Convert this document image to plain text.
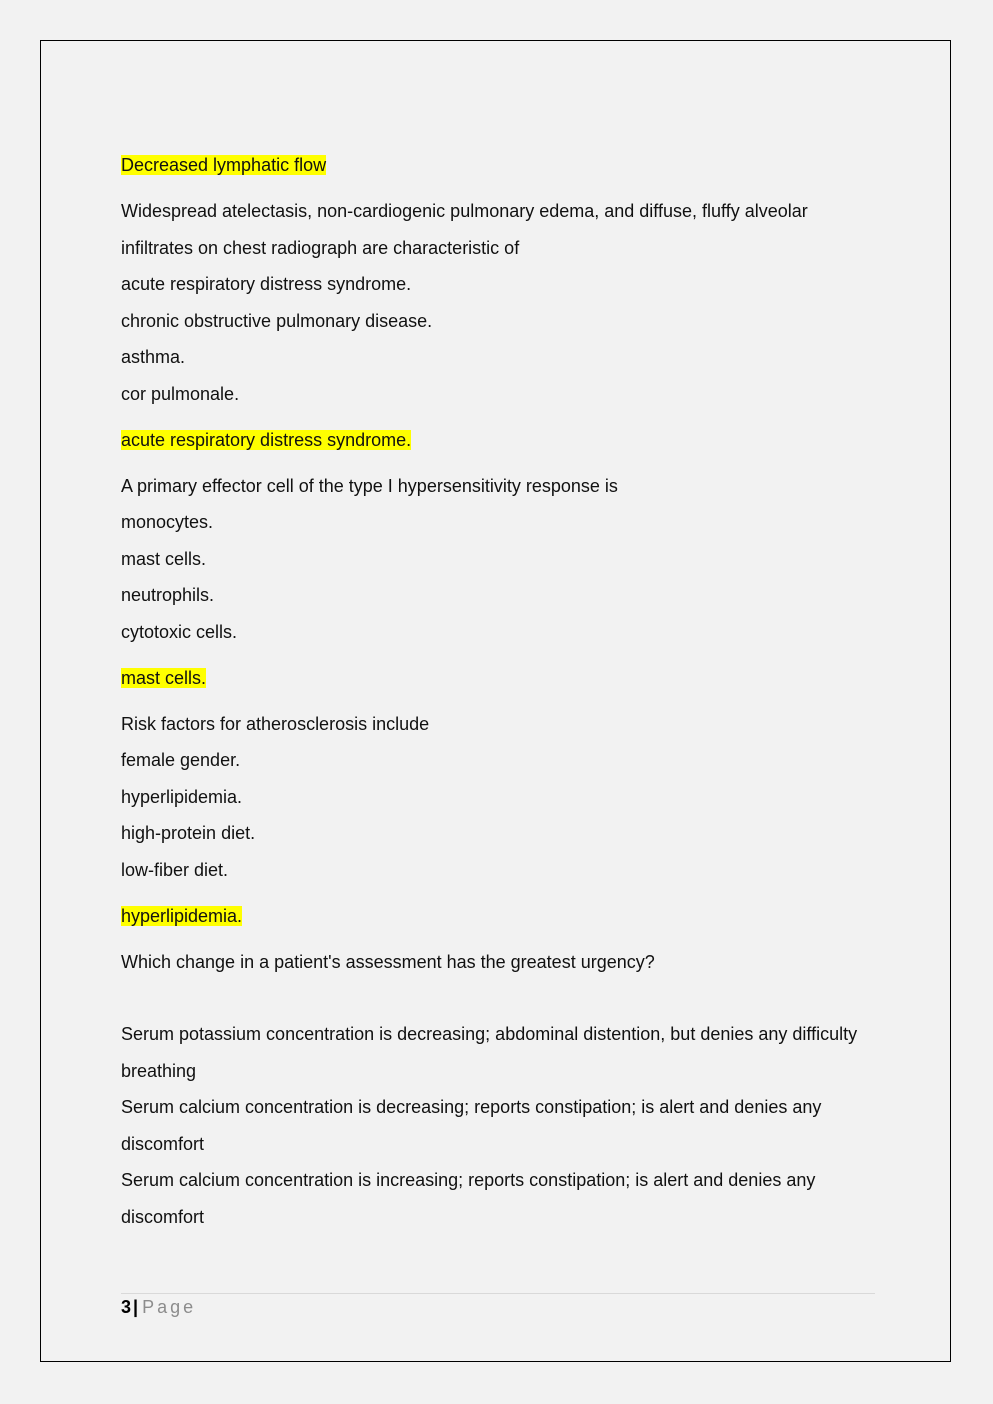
Decreased lymphatic flow

Widespread atelectasis, non-cardiogenic pulmonary edema, and diffuse, fluffy alveolar infiltrates on chest radiograph are characteristic of

acute respiratory distress syndrome.
chronic obstructive pulmonary disease.
asthma.
cor pulmonale.
acute respiratory distress syndrome.
A primary effector cell of the type I hypersensitivity response is
monocytes.
mast cells.
neutrophils.
cytotoxic cells.
mast cells.
Risk factors for atherosclerosis include
female gender.
hyperlipidemia.
high-protein diet.
low-fiber diet.
hyperlipidemia.
Which change in a patient's assessment has the greatest urgency?

Serum potassium concentration is decreasing; abdominal distention, but denies any difficulty breathing

Serum calcium concentration is decreasing; reports constipation; is alert and denies any discomfort

Serum calcium concentration is increasing; reports constipation; is alert and denies any discomfort

3 | Page
